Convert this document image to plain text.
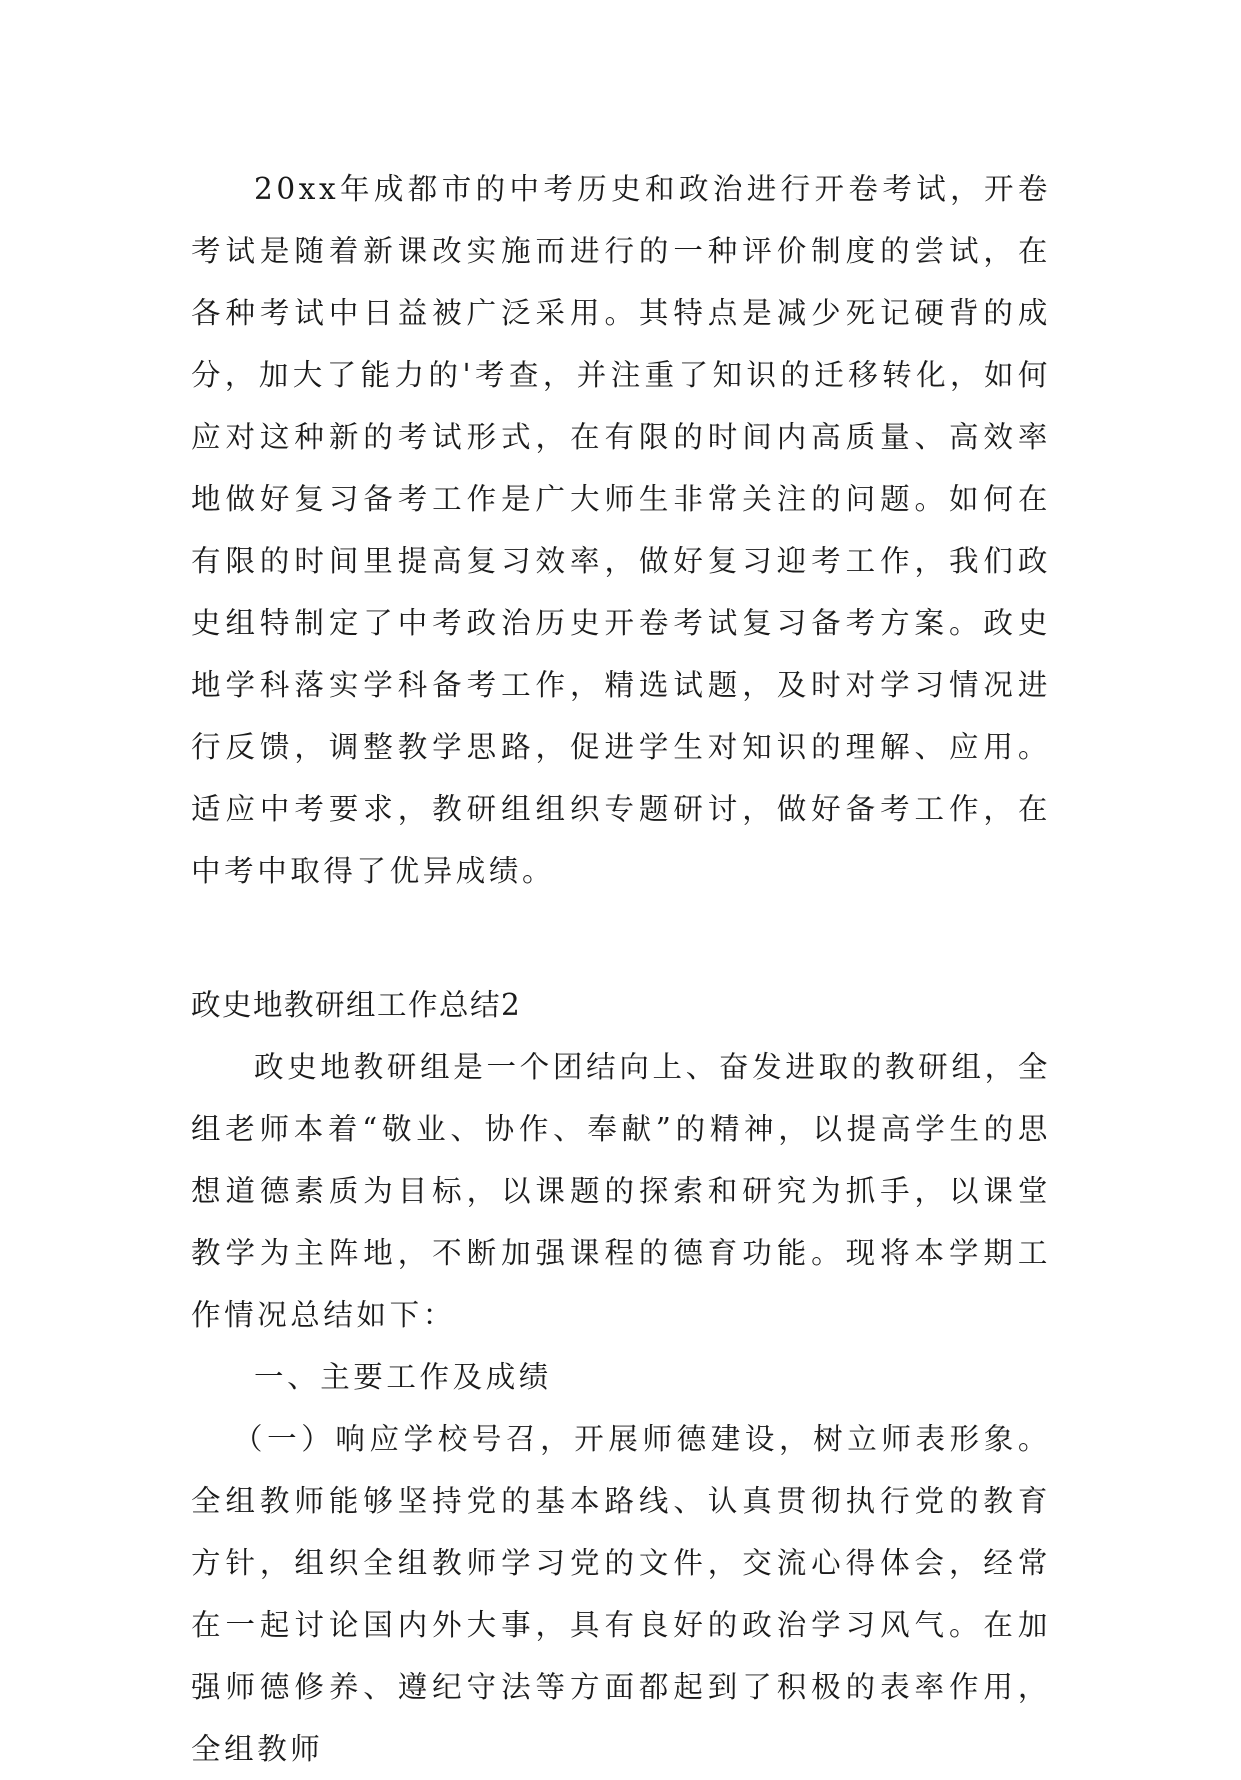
20xx年成都市的中考历史和政治进行开卷考试，开卷考试是随着新课改实施而进行的一种评价制度的尝试，在各种考试中日益被广泛采用。其特点是减少死记硬背的成分，加大了能力的'考查，并注重了知识的迁移转化，如何应对这种新的考试形式，在有限的时间内高质量、高效率地做好复习备考工作是广大师生非常关注的问题。如何在有限的时间里提高复习效率，做好复习迎考工作，我们政史组特制定了中考政治历史开卷考试复习备考方案。政史地学科落实学科备考工作，精选试题，及时对学习情况进行反馈，调整教学思路，促进学生对知识的理解、应用。适应中考要求，教研组组织专题研讨，做好备考工作，在中考中取得了优异成绩。

政史地教研组工作总结2

政史地教研组是一个团结向上、奋发进取的教研组，全组老师本着“敬业、协作、奉献”的精神，以提高学生的思想道德素质为目标，以课题的探索和研究为抓手，以课堂教学为主阵地，不断加强课程的德育功能。现将本学期工作情况总结如下：

一、主要工作及成绩

（一）响应学校号召，开展师德建设，树立师表形象。全组教师能够坚持党的基本路线、认真贯彻执行党的教育方针，组织全组教师学习党的文件，交流心得体会，经常在一起讨论国内外大事，具有良好的政治学习风气。在加强师德修养、遵纪守法等方面都起到了积极的表率作用，全组教师
